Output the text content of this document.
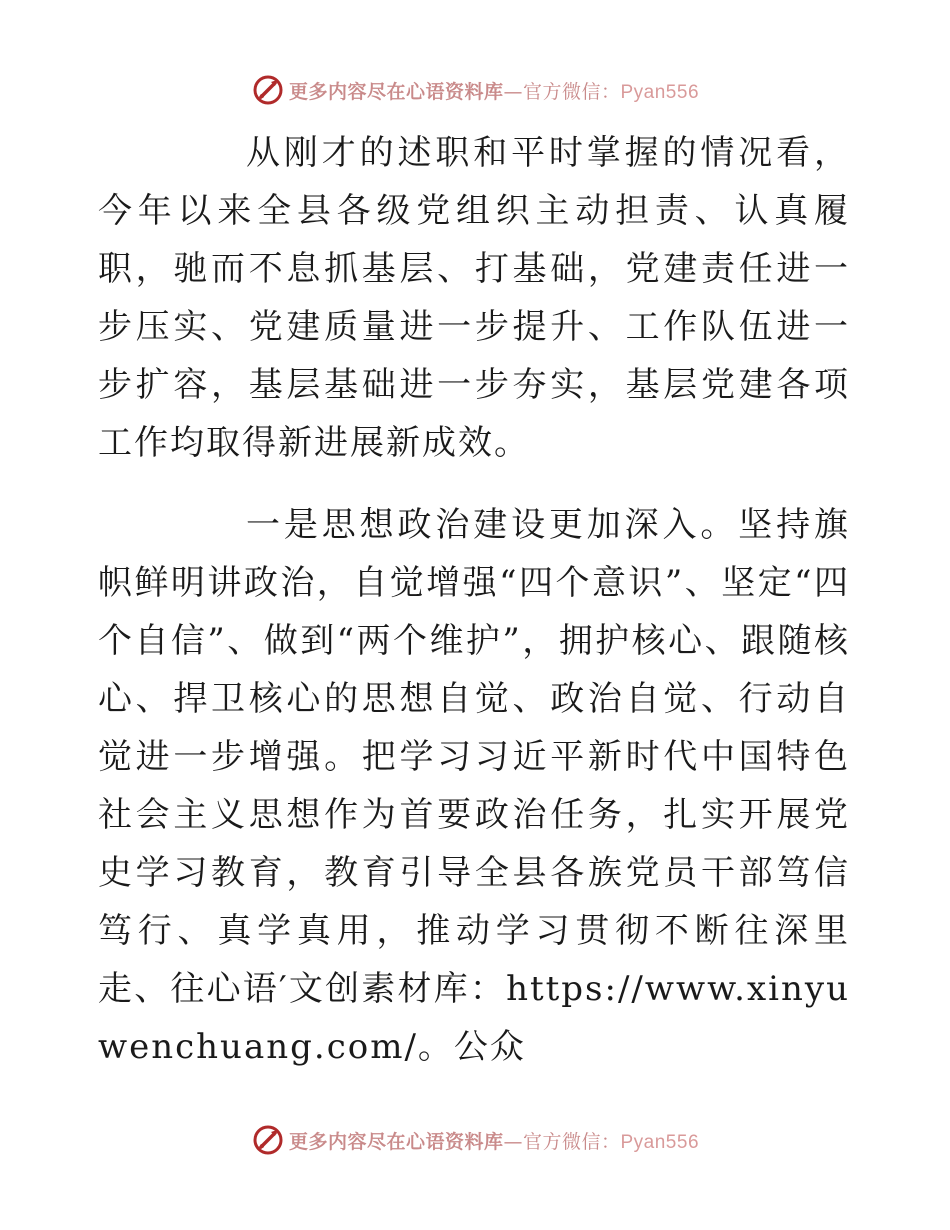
更多内容尽在心语资料库—官方微信：Pyan556

从刚才的述职和平时掌握的情况看，今年以来全县各级党组织主动担责、认真履职，驰而不息抓基层、打基础，党建责任进一步压实、党建质量进一步提升、工作队伍进一步扩容，基层基础进一步夯实，基层党建各项工作均取得新进展新成效。

一是思想政治建设更加深入。坚持旗帜鲜明讲政治，自觉增强“四个意识”、坚定“四个自信”、做到“两个维护”，拥护核心、跟随核心、捍卫核心的思想自觉、政治自觉、行动自觉进一步增强。把学习习近平新时代中国特色社会主义思想作为首要政治任务，扎实开展党史学习教育，教育引导全县各族党员干部笃信笃行、真学真用，推动学习贯彻不断往深里走、往心语′文创素材库：https://www.xinyuwenchuang.com/。公众

更多内容尽在心语资料库—官方微信：Pyan556
